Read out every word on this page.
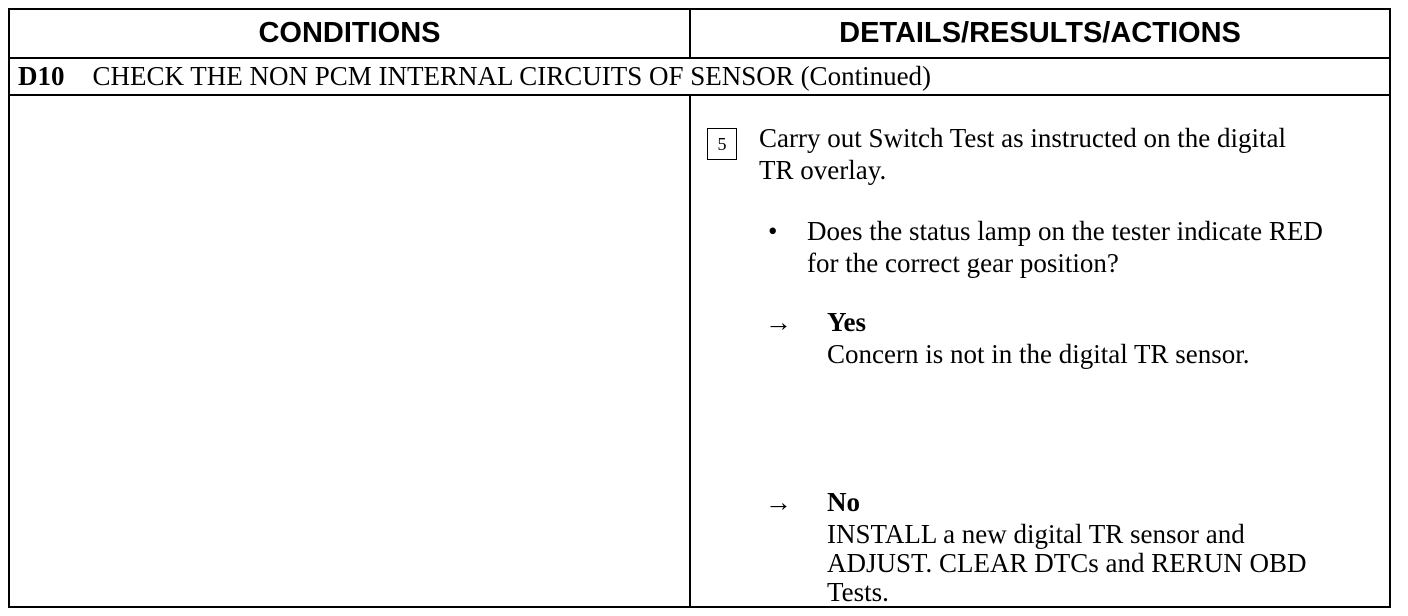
CONDITIONS	DETAILS/RESULTS/ACTIONS
D10 CHECK THE NON PCM INTERNAL CIRCUITS OF SENSOR (Continued)
5	Carry out Switch Test as instructed on the digital
TR overlay.
• Does the status lamp on the tester indicate RED
for the correct gear position?
→ Yes
Concern is not in the digital TR sensor.
→ No
INSTALL a new digital TR sensor and
ADJUST. CLEAR DTCs and RERUN OBD
Tests.
